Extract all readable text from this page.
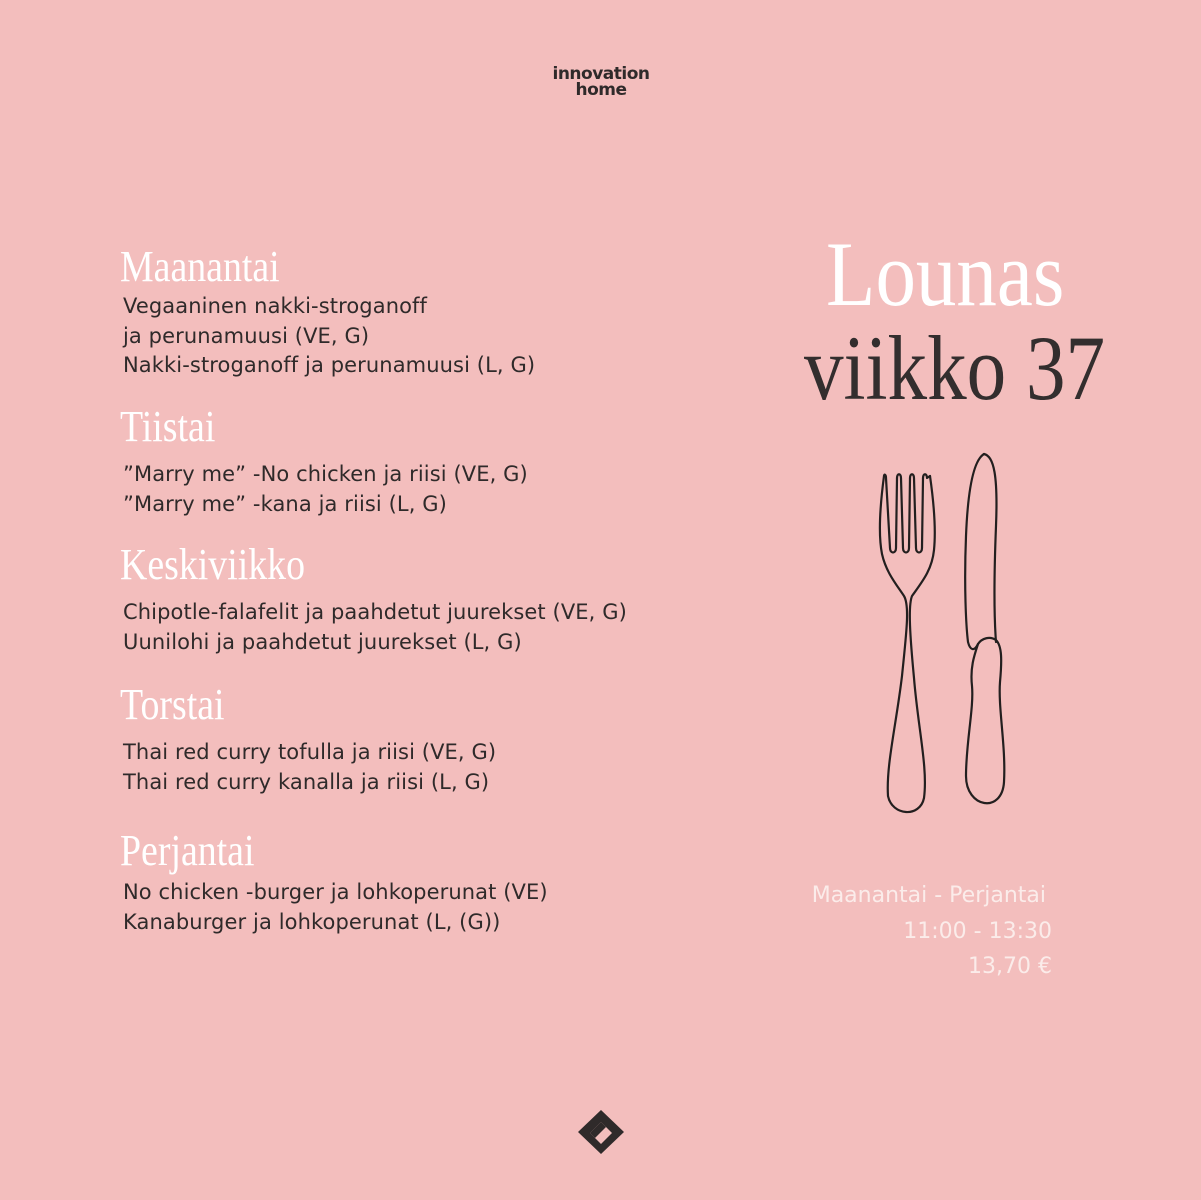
innovation
home
Maanantai
Vegaaninen nakki-stroganoff
ja perunamuusi (VE, G)
Nakki-stroganoff ja perunamuusi (L, G)
Tiistai
”Marry me” -No chicken ja riisi (VE, G)
”Marry me” -kana ja riisi (L, G)
Keskiviikko
Chipotle-falafelit ja paahdetut juurekset (VE, G)
Uunilohi ja paahdetut juurekset (L, G)
Torstai
Thai red curry tofulla ja riisi (VE, G)
Thai red curry kanalla ja riisi (L, G)
Perjantai
No chicken -burger ja lohkoperunat (VE)
Kanaburger ja lohkoperunat (L, (G))
Lounas
viikko 37
Maanantai - Perjantai
11:00 - 13:30
13,70 €
